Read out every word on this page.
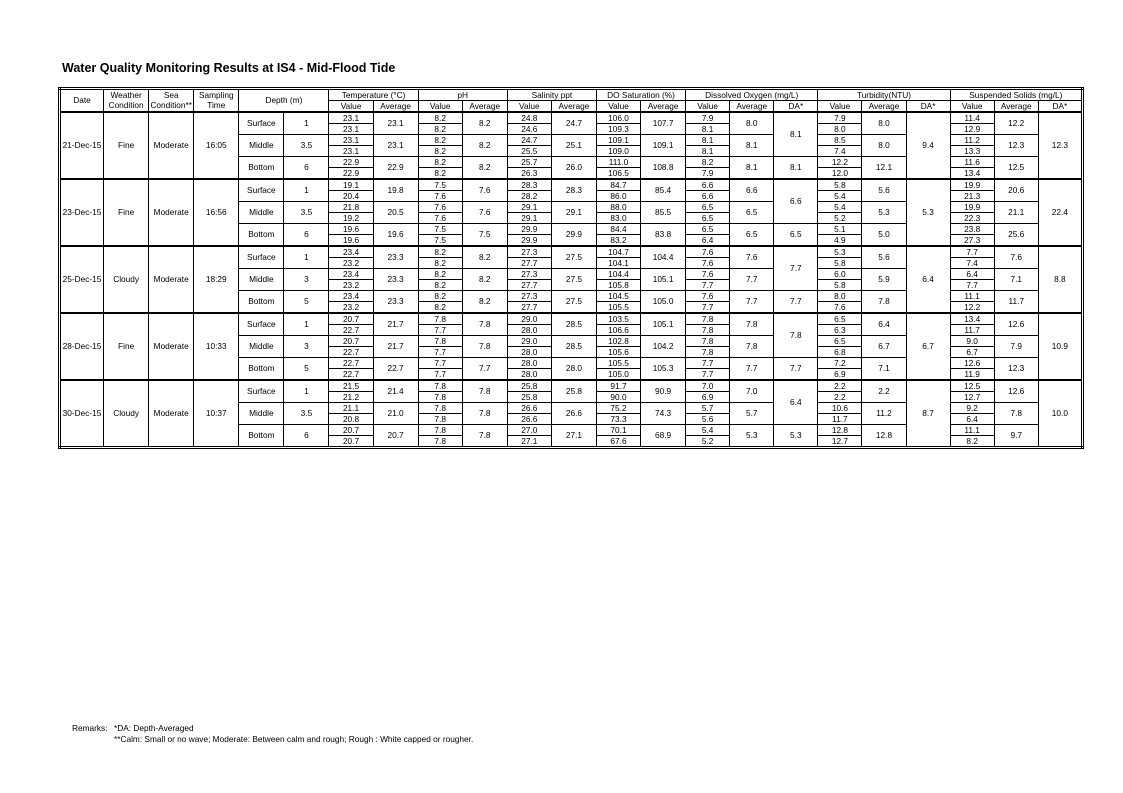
Water Quality Monitoring Results at IS4 - Mid-Flood Tide
Date	Weather	Sea	Sampling	Depth (m)		Temperature (°C)		pH		Salinity ppt		DO Saturation (%)		Dissolved Oxygen (mg/L)			Turbidity(NTU)			Suspended Solids (mg/L)		
	Condition	Condition**	Time			Value	Average	Value	Average	Value	Average	Value	Average	Value	Average	DA*	Value	Average	DA*	Value	Average	DA*
21-Dec-15	Fine	Moderate	16:05	Surface	1	23.1	23.1	8.2	8.2	24.8	24.7	106.0	107.7	7.9	8.0	8.1	7.9	8.0	9.4	11.4	12.2	12.3
						23.1		8.2		24.6		109.3		8.1			8.0			12.9		
				Middle	3.5	23.1	23.1	8.2	8.2	24.7	25.1	109.1	109.1	8.1	8.1		8.5	8.0		11.2	12.3	
						23.1		8.2		25.5		109.0		8.1			7.4			13.3		
				Bottom	6	22.9	22.9	8.2	8.2	25.7	26.0	111.0	108.8	8.2	8.1	8.1	12.2	12.1		11.6	12.5	
						22.9		8.2		26.3		106.5		7.9			12.0			13.4		
23-Dec-15	Fine	Moderate	16:56	Surface	1	19.1	19.8	7.5	7.6	28.3	28.3	84.7	85.4	6.6	6.6	6.6	5.8	5.6	5.3	19.9	20.6	22.4
						20.4		7.6		28.2		86.0		6.6			5.4			21.3		
				Middle	3.5	21.8	20.5	7.6	7.6	29.1	29.1	88.0	85.5	6.5	6.5		5.4	5.3		19.9	21.1	
						19.2		7.6		29.1		83.0		6.5			5.2			22.3		
				Bottom	6	19.6	19.6	7.5	7.5	29.9	29.9	84.4	83.8	6.5	6.5	6.5	5.1	5.0		23.8	25.6	
						19.6		7.5		29.9		83.2		6.4			4.9			27.3		
25-Dec-15	Cloudy	Moderate	18:29	Surface	1	23.4	23.3	8.2	8.2	27.3	27.5	104.7	104.4	7.6	7.6	7.7	5.3	5.6	6.4	7.7	7.6	8.8
						23.2		8.2		27.7		104.1		7.6			5.8			7.4		
				Middle	3	23.4	23.3	8.2	8.2	27.3	27.5	104.4	105.1	7.6	7.7		6.0	5.9		6.4	7.1	
						23.2		8.2		27.7		105.8		7.7			5.8			7.7		
				Bottom	5	23.4	23.3	8.2	8.2	27.3	27.5	104.5	105.0	7.6	7.7	7.7	8.0	7.8		11.1	11.7	
						23.2		8.2		27.7		105.5		7.7			7.6			12.2		
28-Dec-15	Fine	Moderate	10:33	Surface	1	20.7	21.7	7.8	7.8	29.0	28.5	103.5	105.1	7.8	7.8	7.8	6.5	6.4	6.7	13.4	12.6	10.9
						22.7		7.7		28.0		106.6		7.8			6.3			11.7		
				Middle	3	20.7	21.7	7.8	7.8	29.0	28.5	102.8	104.2	7.8	7.8		6.5	6.7		9.0	7.9	
						22.7		7.7		28.0		105.6		7.8			6.8			6.7		
				Bottom	5	22.7	22.7	7.7	7.7	28.0	28.0	105.5	105.3	7.7	7.7	7.7	7.2	7.1		12.6	12.3	
						22.7		7.7		28.0		105.0		7.7			6.9			11.9		
30-Dec-15	Cloudy	Moderate	10:37	Surface	1	21.5	21.4	7.8	7.8	25.8	25.8	91.7	90.9	7.0	7.0	6.4	2.2	2.2	8.7	12.5	12.6	10.0
						21.2		7.8		25.8		90.0		6.9			2.2			12.7		
				Middle	3.5	21.1	21.0	7.8	7.8	26.6	26.6	75.2	74.3	5.7	5.7		10.6	11.2		9.2	7.8	
						20.8		7.8		26.6		73.3		5.6			11.7			6.4		
				Bottom	6	20.7	20.7	7.8	7.8	27.0	27.1	70.1	68.9	5.4	5.3	5.3	12.8	12.8		11.1	9.7	
						20.7		7.8		27.1		67.6		5.2			12.7			8.2		
Remarks: *DA: Depth-Averaged
**Calm: Small or no wave; Moderate: Between calm and rough; Rough : White capped or rougher.
